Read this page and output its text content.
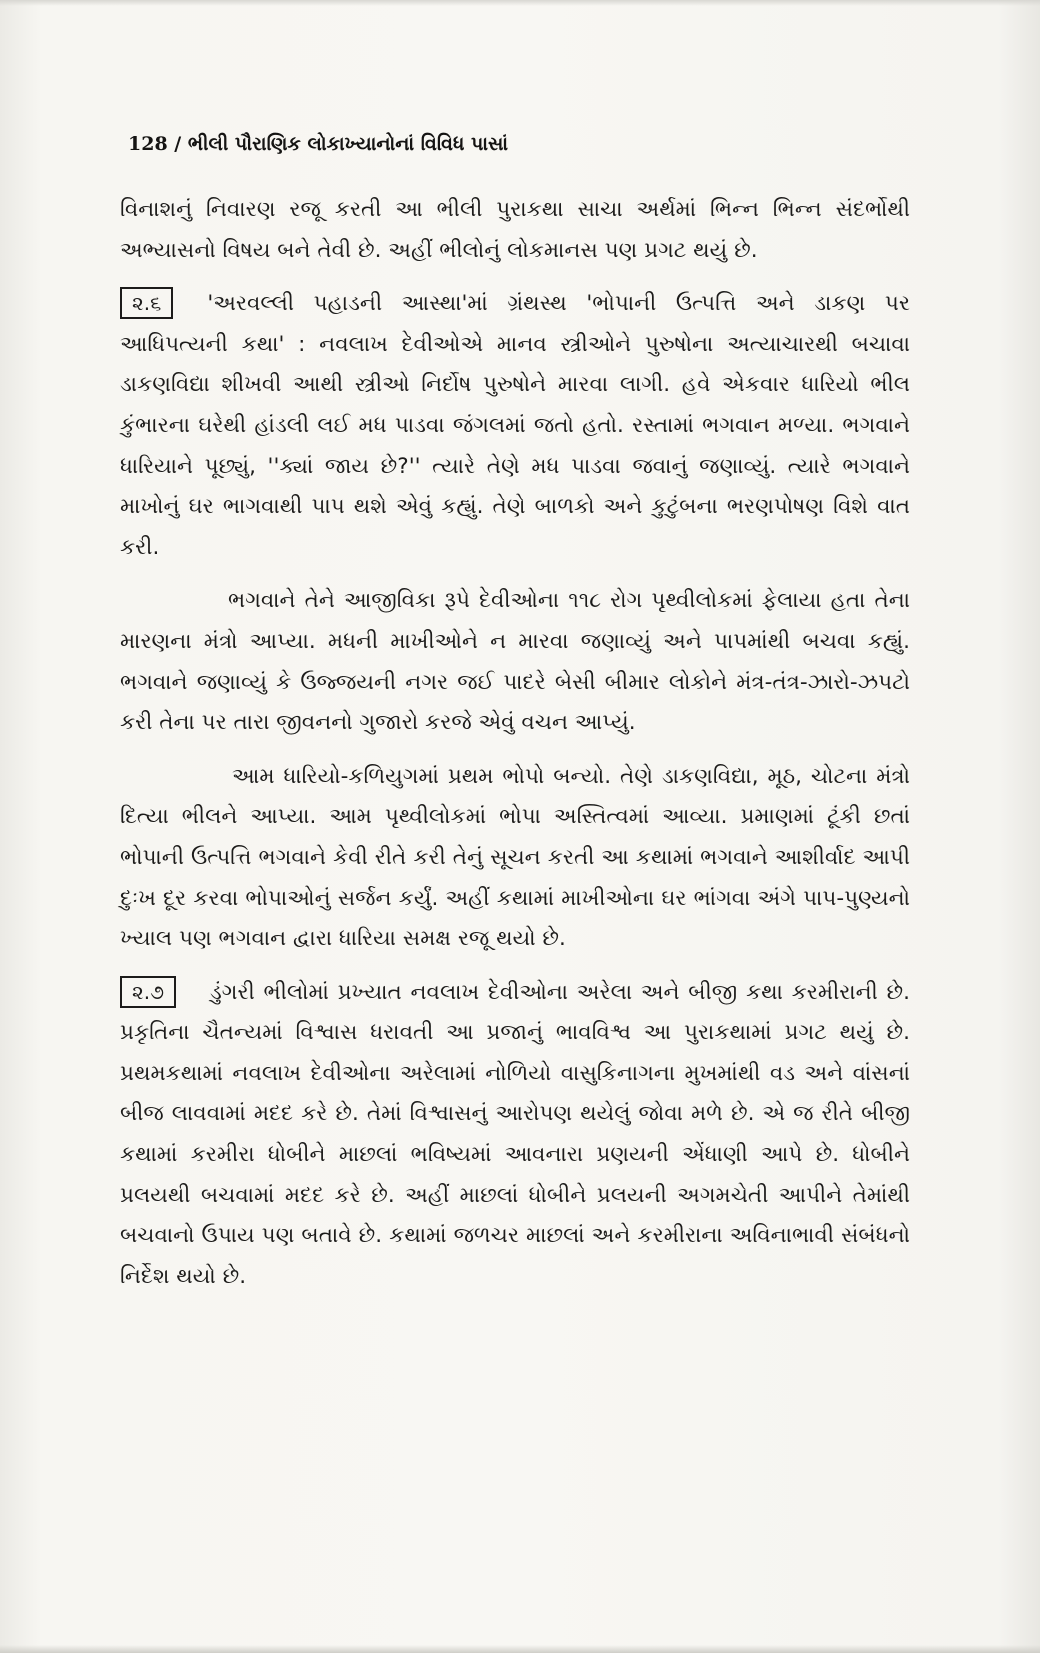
128 / ભીલી પૌરાણિક લોકાખ્યાનોનાં વિવિધ પાસાં

વિનાશનું નિવારણ રજૂ કરતી આ ભીલી પુરાકથા સાચા અર્થમાં ભિન્ન ભિન્ન સંદર્ભોથી અભ્યાસનો વિષય બને તેવી છે. અહીં ભીલોનું લોકમાનસ પણ પ્રગટ થયું છે.

૨.૬ 'અરવલ્લી પહાડની આસ્થા'માં ગ્રંથસ્થ 'ભોપાની ઉત્પત્તિ અને ડાકણ પર આધિપત્યની કથા' : નવલાખ દેવીઓએ માનવ સ્ત્રીઓને પુરુષોના અત્યાચારથી બચાવા ડાકણવિદ્યા શીખવી આથી સ્ત્રીઓ નિર્દોષ પુરુષોને મારવા લાગી. હવે એકવાર ધારિયો ભીલ કુંભારના ઘરેથી હાંડલી લઈ મધ પાડવા જંગલમાં જતો હતો. રસ્તામાં ભગવાન મળ્યા. ભગવાને ધારિયાને પૂછ્યું, ''ક્યાં જાય છે?'' ત્યારે તેણે મધ પાડવા જવાનું જણાવ્યું. ત્યારે ભગવાને માખોનું ઘર ભાગવાથી પાપ થશે એવું કહ્યું. તેણે બાળકો અને કુટુંબના ભરણપોષણ વિશે વાત કરી.

ભગવાને તેને આજીવિકા રૂપે દેવીઓના ૧૧૮ રોગ પૃથ્વીલોકમાં ફેલાયા હતા તેના મારણના મંત્રો આપ્યા. મધની માખીઓને ન મારવા જણાવ્યું અને પાપમાંથી બચવા કહ્યું. ભગવાને જણાવ્યું કે ઉજ્જયની નગર જઈ પાદરે બેસી બીમાર લોકોને મંત્ર-તંત્ર-ઝારો-ઝપટો કરી તેના પર તારા જીવનનો ગુજારો કરજે એવું વચન આપ્યું.

આમ ધારિયો-કળિયુગમાં પ્રથમ ભોપો બન્યો. તેણે ડાકણવિદ્યા, મૂઠ, ચોટના મંત્રો દિત્યા ભીલને આપ્યા. આમ પૃથ્વીલોકમાં ભોપા અસ્તિત્વમાં આવ્યા. પ્રમાણમાં ટૂંકી છતાં ભોપાની ઉત્પત્તિ ભગવાને કેવી રીતે કરી તેનું સૂચન કરતી આ કથામાં ભગવાને આશીર્વાદ આપી દુઃખ દૂર કરવા ભોપાઓનું સર્જન કર્યું. અહીં કથામાં માખીઓના ઘર ભાંગવા અંગે પાપ-પુણ્યનો ખ્યાલ પણ ભગવાન દ્વારા ધારિયા સમક્ષ રજૂ થયો છે.

૨.૭ ડુંગરી ભીલોમાં પ્રખ્યાત નવલાખ દેવીઓના અરેલા અને બીજી કથા કરમીરાની છે. પ્રકૃતિના ચૈતન્યમાં વિશ્વાસ ધરાવતી આ પ્રજાનું ભાવવિશ્વ આ પુરાકથામાં પ્રગટ થયું છે. પ્રથમકથામાં નવલાખ દેવીઓના અરેલામાં નોળિયો વાસુકિનાગના મુખમાંથી વડ અને વાંસનાં બીજ લાવવામાં મદદ કરે છે. તેમાં વિશ્વાસનું આરોપણ થયેલું જોવા મળે છે. એ જ રીતે બીજી કથામાં કરમીરા ધોબીને માછલાં ભવિષ્યમાં આવનારા પ્રણયની એંધાણી આપે છે. ધોબીને પ્રલયથી બચવામાં મદદ કરે છે. અહીં માછલાં ધોબીને પ્રલયની અગમચેતી આપીને તેમાંથી બચવાનો ઉપાય પણ બતાવે છે. કથામાં જળચર માછલાં અને કરમીરાના અવિનાભાવી સંબંધનો નિર્દેશ થયો છે.
